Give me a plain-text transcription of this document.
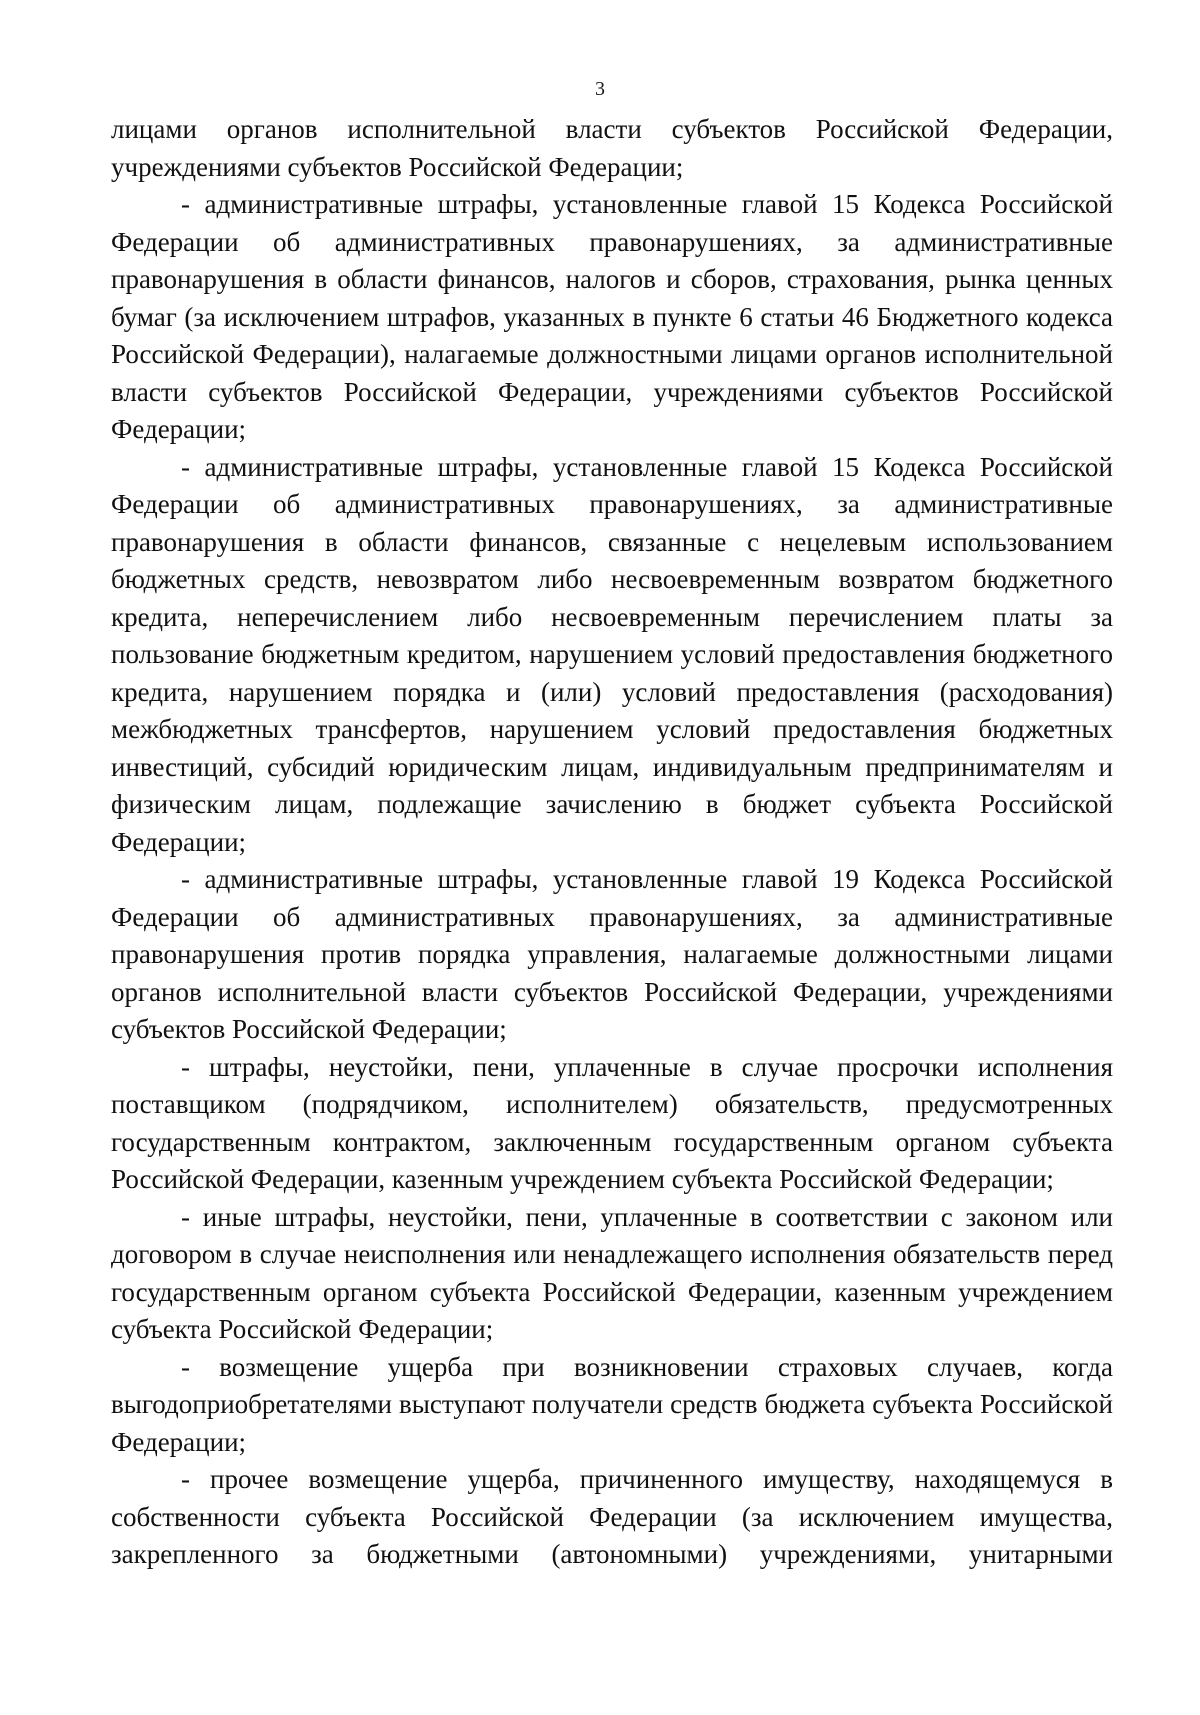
3

лицами органов исполнительной власти субъектов Российской Федерации, учреждениями субъектов Российской Федерации;

- административные штрафы, установленные главой 15 Кодекса Российской Федерации об административных правонарушениях, за административные правонарушения в области финансов, налогов и сборов, страхования, рынка ценных бумаг (за исключением штрафов, указанных в пункте 6 статьи 46 Бюджетного кодекса Российской Федерации), налагаемые должностными лицами органов исполнительной власти субъектов Российской Федерации, учреждениями субъектов Российской Федерации;

- административные штрафы, установленные главой 15 Кодекса Российской Федерации об административных правонарушениях, за административные правонарушения в области финансов, связанные с нецелевым использованием бюджетных средств, невозвратом либо несвоевременным возвратом бюджетного кредита, неперечислением либо несвоевременным перечислением платы за пользование бюджетным кредитом, нарушением условий предоставления бюджетного кредита, нарушением порядка и (или) условий предоставления (расходования) межбюджетных трансфертов, нарушением условий предоставления бюджетных инвестиций, субсидий юридическим лицам, индивидуальным предпринимателям и физическим лицам, подлежащие зачислению в бюджет субъекта Российской Федерации;

- административные штрафы, установленные главой 19 Кодекса Российской Федерации об административных правонарушениях, за административные правонарушения против порядка управления, налагаемые должностными лицами органов исполнительной власти субъектов Российской Федерации, учреждениями субъектов Российской Федерации;

- штрафы, неустойки, пени, уплаченные в случае просрочки исполнения поставщиком (подрядчиком, исполнителем) обязательств, предусмотренных государственным контрактом, заключенным государственным органом субъекта Российской Федерации, казенным учреждением субъекта Российской Федерации;

- иные штрафы, неустойки, пени, уплаченные в соответствии с законом или договором в случае неисполнения или ненадлежащего исполнения обязательств перед государственным органом субъекта Российской Федерации, казенным учреждением субъекта Российской Федерации;

- возмещение ущерба при возникновении страховых случаев, когда выгодоприобретателями выступают получатели средств бюджета субъекта Российской Федерации;

- прочее возмещение ущерба, причиненного имуществу, находящемуся в собственности субъекта Российской Федерации (за исключением имущества, закрепленного за бюджетными (автономными) учреждениями, унитарными
